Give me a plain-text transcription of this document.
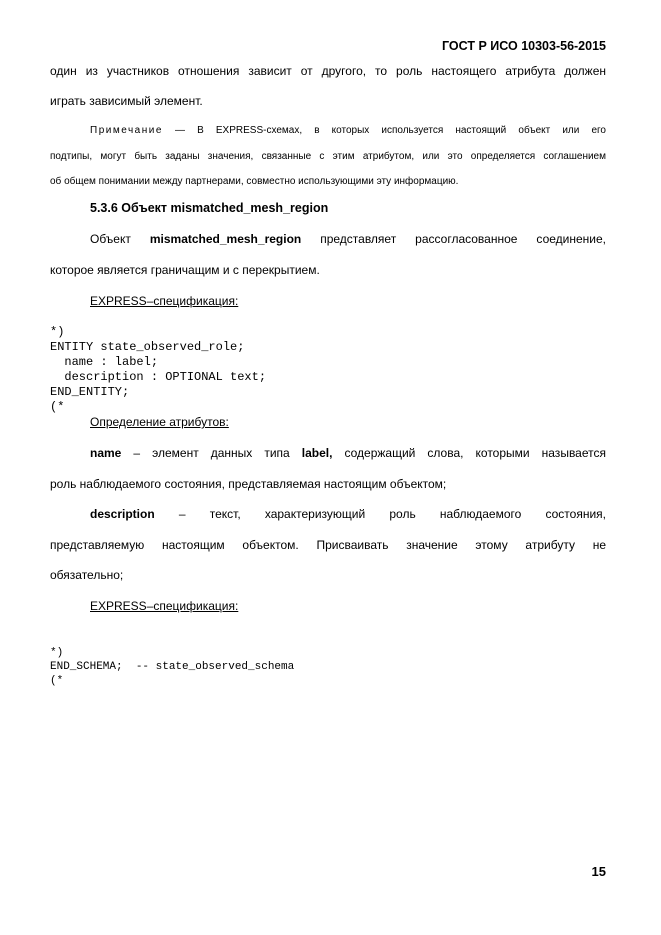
ГОСТ Р ИСО 10303-56-2015
один из участников отношения зависит от другого, то роль настоящего атрибута должен
играть зависимый элемент.
Примечание — В EXPRESS-схемах, в которых используется настоящий объект или его
подтипы, могут быть заданы значения, связанные с этим атрибутом, или это определяется соглашением
об общем понимании между партнерами, совместно использующими эту информацию.
5.3.6 Объект mismatched_mesh_region
Объект mismatched_mesh_region представляет рассогласованное соединение,
которое является граничащим и с перекрытием.
EXPRESS–спецификация:
*)
ENTITY state_observed_role;
name : label;
description : OPTIONAL text;
END_ENTITY;
(*
Определение атрибутов:
name – элемент данных типа label, содержащий слова, которыми называется
роль наблюдаемого состояния, представляемая настоящим объектом;
description – текст, характеризующий роль наблюдаемого состояния,
представляемую настоящим объектом. Присваивать значение этому атрибуту не
обязательно;
EXPRESS–спецификация:
*)
END_SCHEMA;  -- state_observed_schema
(*
15
